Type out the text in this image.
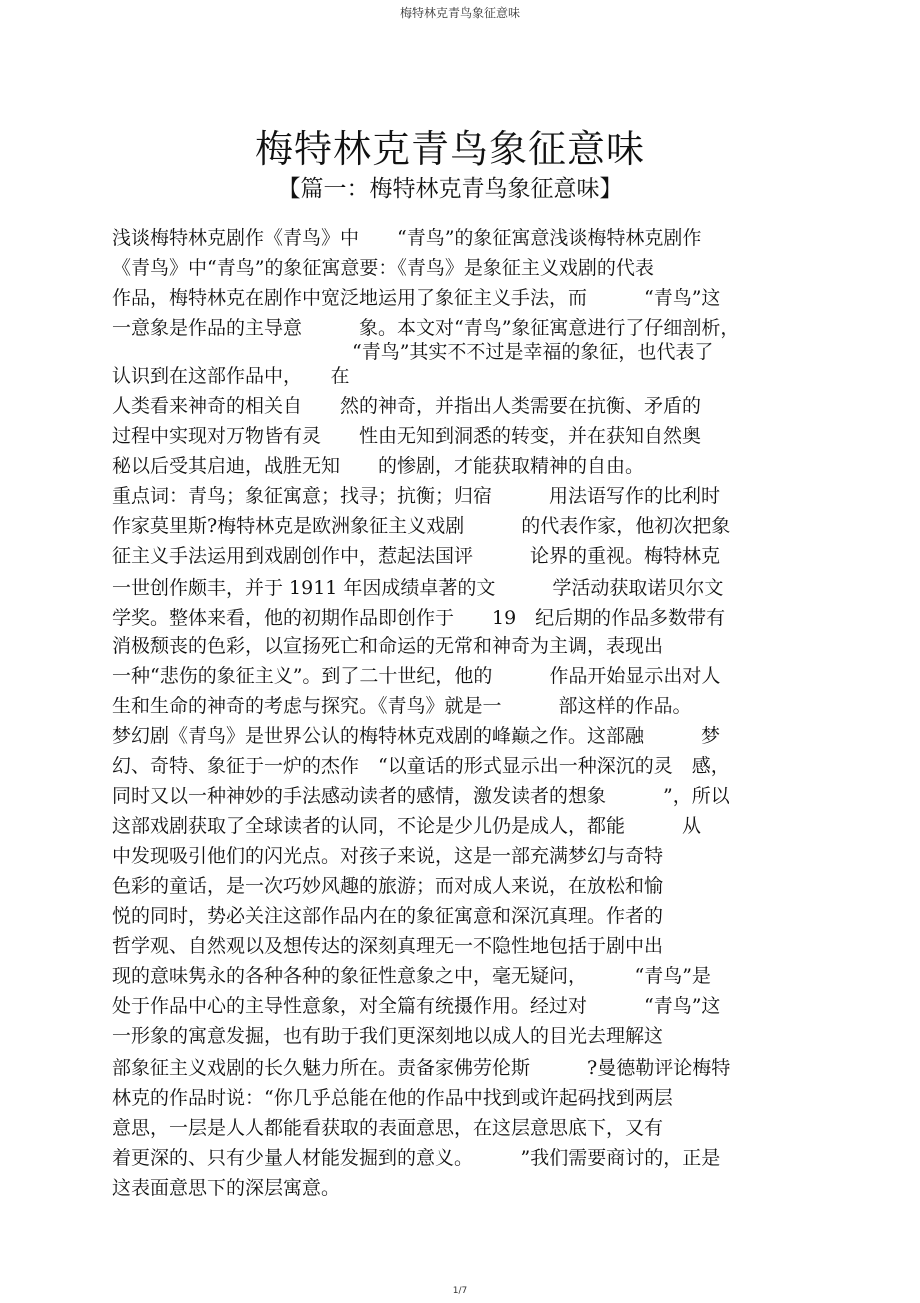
梅特林克青鸟象征意味
梅特林克青鸟象征意味
【篇一：梅特林克青鸟象征意味】
浅谈梅特林克剧作《青鸟》中　　“青鸟”的象征寓意浅谈梅特林克剧作
《青鸟》中“青鸟”的象征寓意要：《青鸟》是象征主义戏剧的代表
作品，梅特林克在剧作中宽泛地运用了象征主义手法，而　　　“青鸟”这
一意象是作品的主导意　　　象。本文对“青鸟”象征寓意进行了仔细剖析，
“青鸟”其实不不过是幸福的象征，也代表了
认识到在这部作品中，　　在
人类看来神奇的相关自　　然的神奇，并指出人类需要在抗衡、矛盾的
过程中实现对万物皆有灵　　性由无知到洞悉的转变，并在获知自然奥
秘以后受其启迪，战胜无知　　的惨剧，才能获取精神的自由。
重点词：青鸟；象征寓意；找寻；抗衡；归宿　　　用法语写作的比利时
作家莫里斯?梅特林克是欧洲象征主义戏剧　　　的代表作家，他初次把象
征主义手法运用到戏剧创作中，惹起法国评　　　论界的重视。梅特林克
一世创作颇丰，并于 1911 年因成绩卓著的文　　　学活动获取诺贝尔文
学奖。整体来看，他的初期作品即创作于　　19　纪后期的作品多数带有
消极颓丧的色彩，以宣扬死亡和命运的无常和神奇为主调，表现出
一种“悲伤的象征主义”。到了二十世纪，他的　　　作品开始显示出对人
生和生命的神奇的考虑与探究。《青鸟》就是一　　　部这样的作品。
梦幻剧《青鸟》是世界公认的梅特林克戏剧的峰巅之作。这部融　　　梦
幻、奇特、象征于一炉的杰作　“以童话的形式显示出一种深沉的灵　感，
同时又以一种神妙的手法感动读者的感情，激发读者的想象　　　”，所以
这部戏剧获取了全球读者的认同，不论是少儿仍是成人，都能　　　从
中发现吸引他们的闪光点。对孩子来说，这是一部充满梦幻与奇特
色彩的童话，是一次巧妙风趣的旅游；而对成人来说，在放松和愉
悦的同时，势必关注这部作品内在的象征寓意和深沉真理。作者的
哲学观、自然观以及想传达的深刻真理无一不隐性地包括于剧中出
现的意味隽永的各种各种的象征性意象之中，毫无疑问，　　　“青鸟”是
处于作品中心的主导性意象，对全篇有统摄作用。经过对　　　“青鸟”这
一形象的寓意发掘，也有助于我们更深刻地以成人的目光去理解这
部象征主义戏剧的长久魅力所在。责备家佛劳伦斯　　　?曼德勒评论梅特
林克的作品时说：“你几乎总能在他的作品中找到或许起码找到两层
意思，一层是人人都能看获取的表面意思，在这层意思底下，又有
着更深的、只有少量人材能发掘到的意义。　　　”我们需要商讨的，正是
这表面意思下的深层寓意。
1/7
